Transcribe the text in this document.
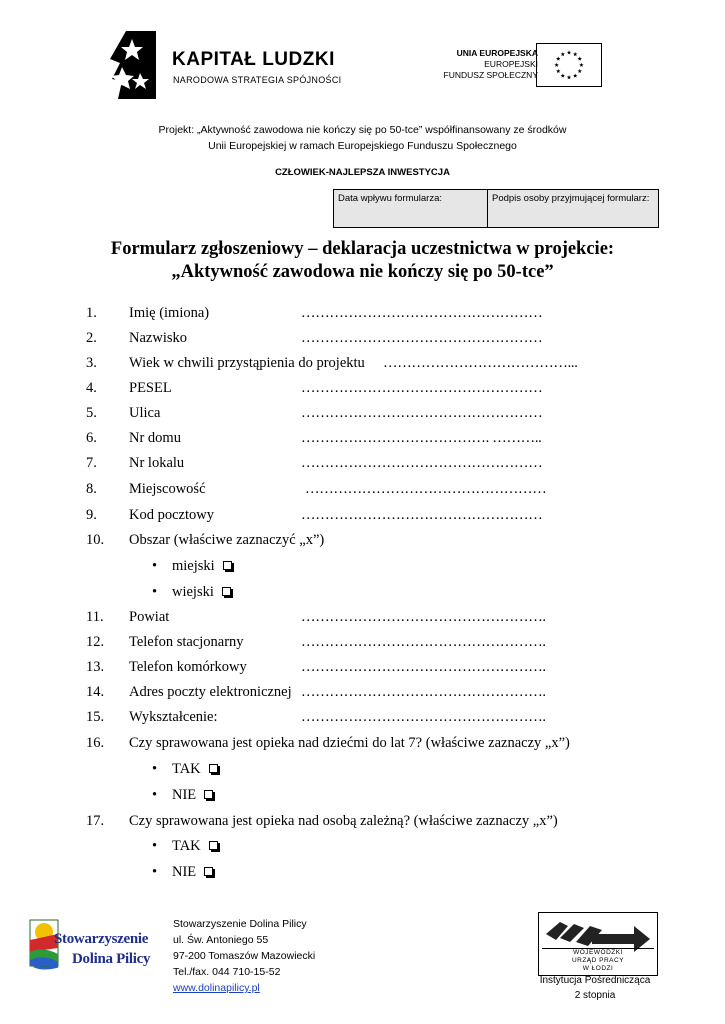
KAPITAŁ LUDZKI
NARODOWA STRATEGIA SPÓJNOŚCI
UNIA EUROPEJSKA
EUROPEJSKI
FUNDUSZ SPOŁECZNY
Projekt: „Aktywność zawodowa nie kończy się po 50-tce” współfinansowany ze środków
Unii Europejskiej w ramach Europejskiego Funduszu Społecznego
CZŁOWIEK-NAJLEPSZA INWESTYCJA
Data wpływu formularza:	Podpis osoby przyjmującej formularz:
Formularz zgłoszeniowy – deklaracja uczestnictwa w projekcie:
„Aktywność zawodowa nie kończy się po 50-tce”
1. Imię (imiona)	……………………………………………
2. Nazwisko	……………………………………………
3. Wiek w chwili przystąpienia do projektu …………………………………...
4. PESEL	……………………………………………
5. Ulica	……………………………………………
6. Nr domu	…………………………………. ………..
7. Nr lokalu	……………………………………………
8. Miejscowość	……………………………………………
9. Kod pocztowy	……………………………………………
10. Obszar (właściwe zaznaczyć „x”)
• miejski
• wiejski
11. Powiat	…………………………………………….
12. Telefon stacjonarny	…………………………………………….
13. Telefon komórkowy	…………………………………………….
14. Adres poczty elektronicznej …………………………………………….
15. Wykształcenie:	…………………………………………….
16. Czy sprawowana jest opieka nad dziećmi do lat 7? (właściwe zaznaczy „x”)
• TAK
• NIE
17. Czy sprawowana jest opieka nad osobą zależną? (właściwe zaznaczy „x”)
• TAK
• NIE
Stowarzyszenie
Dolina Pilicy
Stowarzyszenie Dolina Pilicy
ul. Św. Antoniego 55
97-200 Tomaszów Mazowiecki
Tel./fax. 044 710-15-52
www.dolinapilicy.pl
WOJEWÓDZKI
URZĄD PRACY
W ŁODZI
Instytucja Pośrednicząca
2 stopnia
